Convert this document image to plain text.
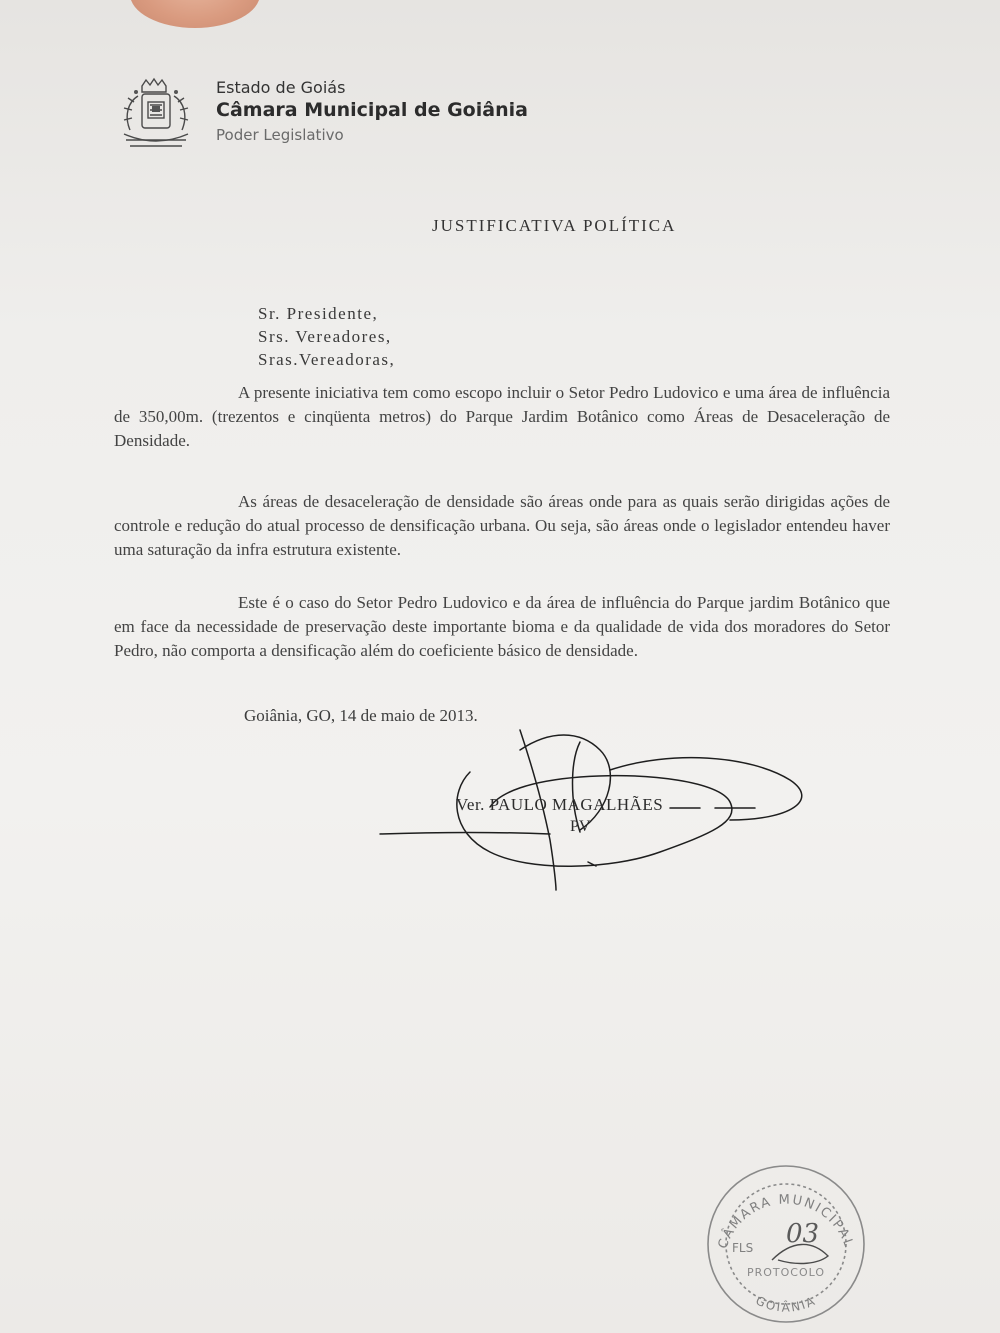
Estado de Goiás

Câmara Municipal de Goiânia

Poder Legislativo

JUSTIFICATIVA POLÍTICA
Sr. Presidente,
Srs. Vereadores,
Sras.Vereadoras,

A presente iniciativa tem como escopo incluir o Setor Pedro Ludovico e uma área de influência de 350,00m. (trezentos e cinqüenta metros) do Parque Jardim Botânico como Áreas de Desaceleração de Densidade.

As áreas de desaceleração de densidade são áreas onde para as quais serão dirigidas ações de controle e redução do atual processo de densificação urbana. Ou seja, são áreas onde o legislador entendeu haver uma saturação da infra estrutura existente.

Este é o caso do Setor Pedro Ludovico e da área de influência do Parque jardim Botânico que em face da necessidade de preservação deste importante bioma e da qualidade de vida dos moradores do Setor Pedro, não comporta a densificação além do coeficiente básico de densidade.

Goiânia, GO, 14 de maio de 2013.
Ver. PAULO MAGALHÃES
PV
CÂMARA MUNICIPAL
FLS 03
PROTOCOLO
GOIÂNIA
